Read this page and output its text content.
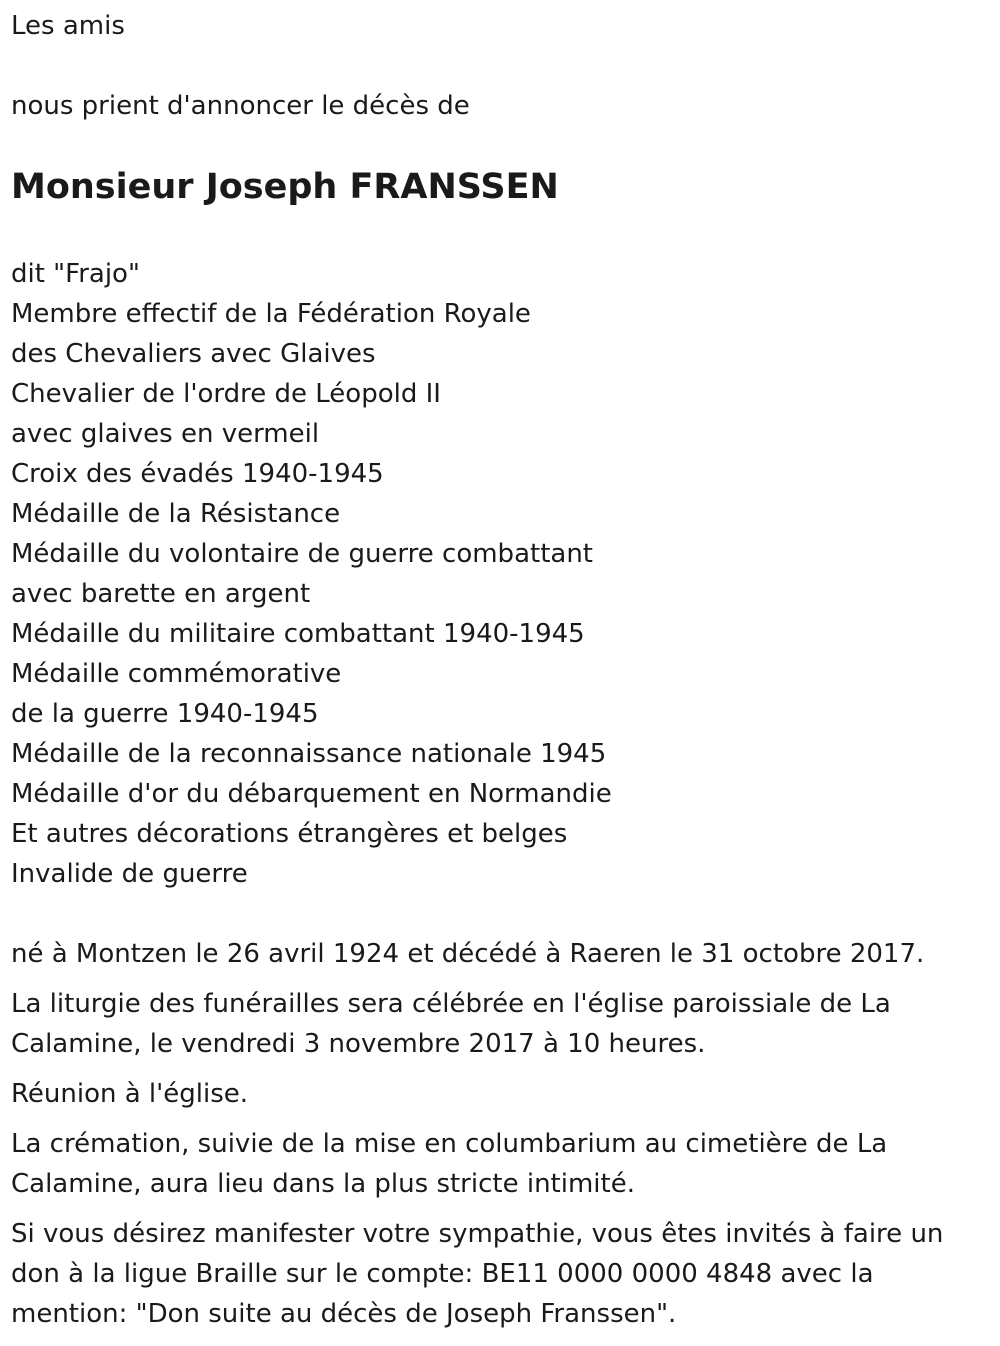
Les amis
nous prient d'annoncer le décès de
Monsieur Joseph FRANSSEN
dit "Frajo"
Membre effectif de la Fédération Royale
des Chevaliers avec Glaives
Chevalier de l'ordre de Léopold II
avec glaives en vermeil
Croix des évadés 1940-1945
Médaille de la Résistance
Médaille du volontaire de guerre combattant
avec barette en argent
Médaille du militaire combattant 1940-1945
Médaille commémorative
de la guerre 1940-1945
Médaille de la reconnaissance nationale 1945
Médaille d'or du débarquement en Normandie
Et autres décorations étrangères et belges
Invalide de guerre
né à Montzen le 26 avril 1924 et décédé à Raeren le 31 octobre 2017.
La liturgie des funérailles sera célébrée en l'église paroissiale de La
Calamine, le vendredi 3 novembre 2017 à 10 heures.
Réunion à l'église.
La crémation, suivie de la mise en columbarium au cimetière de La
Calamine, aura lieu dans la plus stricte intimité.
Si vous désirez manifester votre sympathie, vous êtes invités à faire un
don à la ligue Braille sur le compte: BE11 0000 0000 4848 avec la
mention: "Don suite au décès de Joseph Franssen".
